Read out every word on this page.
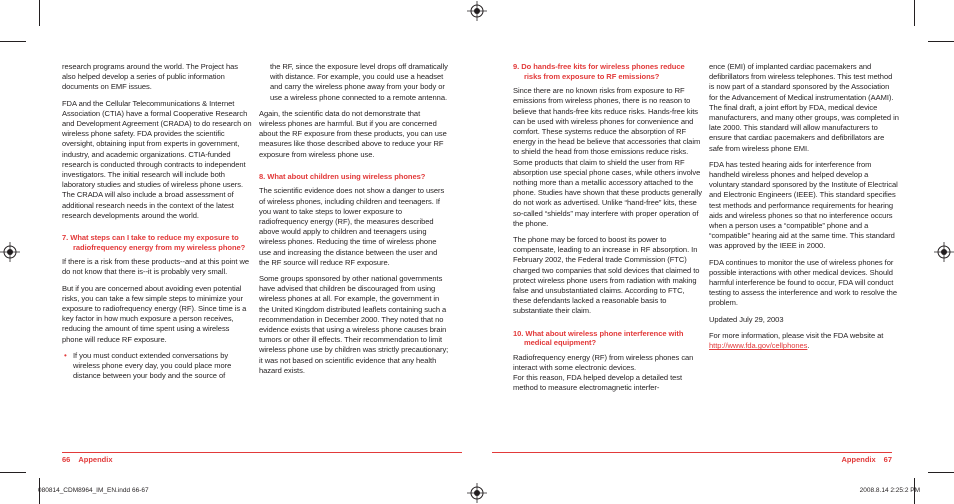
research programs around the world. The Project has also helped develop a series of public information documents on EMF issues.

FDA and the Cellular Telecommunications & Internet Association (CTIA) have a formal Cooperative Research and Development Agreement (CRADA) to do research on wireless phone safety. FDA provides the scientific oversight, obtaining input from experts in government, industry, and academic organizations. CTIA-funded research is conducted through contracts to independent investigators. The initial research will include both laboratory studies and studies of wireless phone users. The CRADA will also include a broad assessment of additional research needs in the context of the latest research developments around the world.

7. What steps can I take to reduce my exposure to radiofrequency energy from my wireless phone?

If there is a risk from these products--and at this point we do not know that there is--it is probably very small.

But if you are concerned about avoiding even potential risks, you can take a few simple steps to minimize your exposure to radiofrequency energy (RF). Since time is a key factor in how much exposure a person receives, reducing the amount of time spent using a wireless phone will reduce RF exposure.

• If you must conduct extended conversations by wireless phone every day, you could place more distance between your body and the source of

the RF, since the exposure level drops off dramatically with distance. For example, you could use a headset and carry the wireless phone away from your body or use a wireless phone connected to a remote antenna.

Again, the scientific data do not demonstrate that wireless phones are harmful. But if you are concerned about the RF exposure from these products, you can use measures like those described above to reduce your RF exposure from wireless phone use.

8. What about children using wireless phones?

The scientific evidence does not show a danger to users of wireless phones, including children and teenagers. If you want to take steps to lower exposure to radiofrequency energy (RF), the measures described above would apply to children and teenagers using wireless phones. Reducing the time of wireless phone use and increasing the distance between the user and the RF source will reduce RF exposure.

Some groups sponsored by other national governments have advised that children be discouraged from using wireless phones at all. For example, the government in the United Kingdom distributed leaflets containing such a recommendation in December 2000. They noted that no evidence exists that using a wireless phone causes brain tumors or other ill effects. Their recommendation to limit wireless phone use by children was strictly precautionary; it was not based on scientific evidence that any health hazard exists.

9. Do hands-free kits for wireless phones reduce risks from exposure to RF emissions?

Since there are no known risks from exposure to RF emissions from wireless phones, there is no reason to believe that hands-free kits reduce risks. Hands-free kits can be used with wireless phones for convenience and comfort. These systems reduce the absorption of RF energy in the head be believe that accessories that claim to shield the head from those emissions reduce risks. Some products that claim to shield the user from RF absorption use special phone cases, while others involve nothing more than a metallic accessory attached to the phone. Studies have shown that these products generally do not work as advertised. Unlike “hand-free” kits, these so-called “shields” may interfere with proper operation of the phone.

The phone may be forced to boost its power to compensate, leading to an increase in RF absorption. In February 2002, the Federal trade Commission (FTC) charged two companies that sold devices that claimed to protect wireless phone users from radiation with making false and unsubstantiated claims. According to FTC, these defendants lacked a reasonable basis to substantiate their claim.

10. What about wireless phone interference with medical equipment?

Radiofrequency energy (RF) from wireless phones can interact with some electronic devices.

For this reason, FDA helped develop a detailed test method to measure electromagnetic interfer-

ence (EMI) of implanted cardiac pacemakers and defibrillators from wireless telephones. This test method is now part of a standard sponsored by the Association for the Advancement of Medical instrumentation (AAMI). The final draft, a joint effort by FDA, medical device manufacturers, and many other groups, was completed in late 2000. This standard will allow manufacturers to ensure that cardiac pacemakers and defibrillators are safe from wireless phone EMI.

FDA has tested hearing aids for interference from handheld wireless phones and helped develop a voluntary standard sponsored by the Institute of Electrical and Electronic Engineers (IEEE). This standard specifies test methods and performance requirements for hearing aids and wireless phones so that no interference occurs when a person uses a “compatible” phone and a “compatible” hearing aid at the same time. This standard was approved by the IEEE in 2000.

FDA continues to monitor the use of wireless phones for possible interactions with other medical devices. Should harmful interference be found to occur, FDA will conduct testing to assess the interference and work to resolve the problem.

Updated July 29, 2003

For more information, please visit the FDA website at http://www.fda.gov/cellphones.

66 Appendix	Appendix 67
080814_CDM8964_IM_EN.indd 66-67	2008.8.14 2:25:2 PM
